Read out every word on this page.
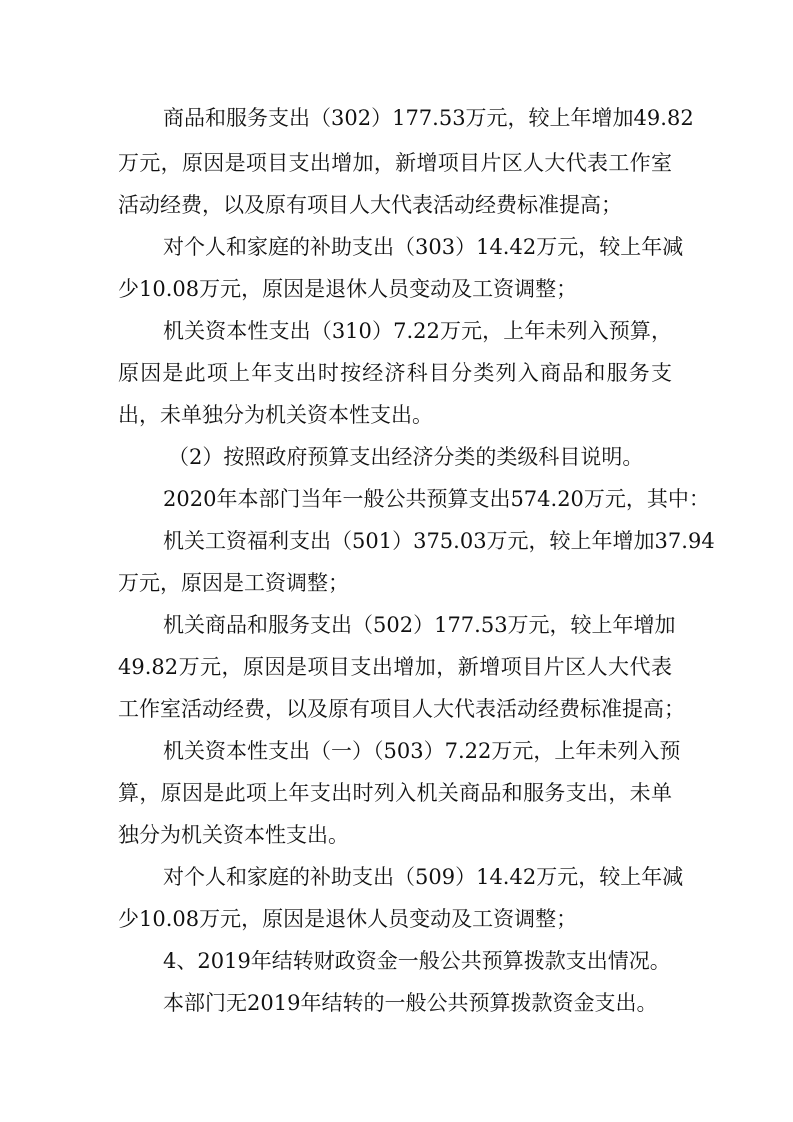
商品和服务支出（302）177.53万元，较上年增加49.82

万元，原因是项目支出增加，新增项目片区人大代表工作室

活动经费，以及原有项目人大代表活动经费标准提高；

对个人和家庭的补助支出（303）14.42万元，较上年减

少10.08万元，原因是退休人员变动及工资调整；

机关资本性支出（310）7.22万元，上年未列入预算，

原因是此项上年支出时按经济科目分类列入商品和服务支

出，未单独分为机关资本性支出。

（2）按照政府预算支出经济分类的类级科目说明。

2020年本部门当年一般公共预算支出574.20万元，其中：

机关工资福利支出（501）375.03万元，较上年增加37.94

万元，原因是工资调整；

机关商品和服务支出（502）177.53万元，较上年增加

49.82万元，原因是项目支出增加，新增项目片区人大代表

工作室活动经费，以及原有项目人大代表活动经费标准提高；

机关资本性支出（一）（503）7.22万元，上年未列入预

算，原因是此项上年支出时列入机关商品和服务支出，未单

独分为机关资本性支出。

对个人和家庭的补助支出（509）14.42万元，较上年减

少10.08万元，原因是退休人员变动及工资调整；

4、2019年结转财政资金一般公共预算拨款支出情况。

本部门无2019年结转的一般公共预算拨款资金支出。
